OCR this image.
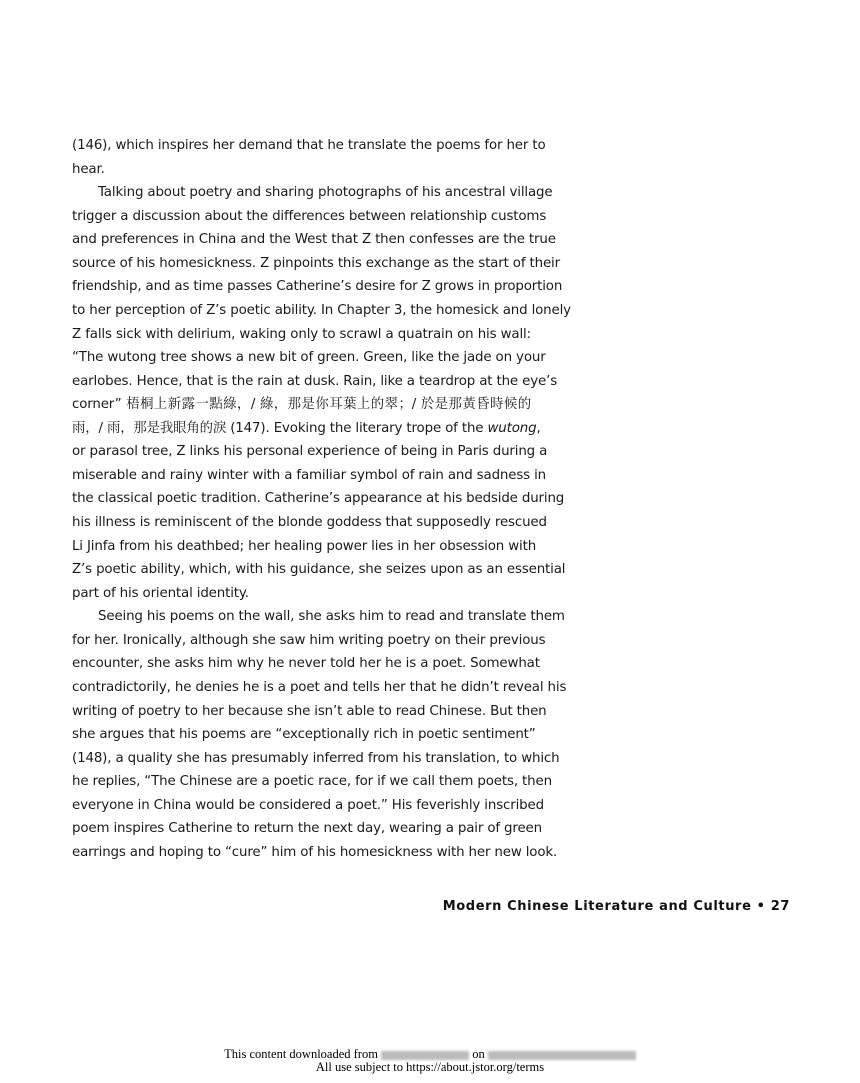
(146), which inspires her demand that he translate the poems for her to
hear.
Talking about poetry and sharing photographs of his ancestral village
trigger a discussion about the differences between relationship customs
and preferences in China and the West that Z then confesses are the true
source of his homesickness. Z pinpoints this exchange as the start of their
friendship, and as time passes Catherine’s desire for Z grows in proportion
to her perception of Z’s poetic ability. In Chapter 3, the homesick and lonely
Z falls sick with delirium, waking only to scrawl a quatrain on his wall:
“The wutong tree shows a new bit of green. Green, like the jade on your
earlobes. Hence, that is the rain at dusk. Rain, like a teardrop at the eye’s
corner” 梧桐上新露一點綠，/ 綠，那是你耳葉上的翠；/ 於是那黃昏時候的
雨，/ 雨，那是我眼角的淚 (147). Evoking the literary trope of the wutong,
or parasol tree, Z links his personal experience of being in Paris during a
miserable and rainy winter with a familiar symbol of rain and sadness in
the classical poetic tradition. Catherine’s appearance at his bedside during
his illness is reminiscent of the blonde goddess that supposedly rescued
Li Jinfa from his deathbed; her healing power lies in her obsession with
Z’s poetic ability, which, with his guidance, she seizes upon as an essential
part of his oriental identity.
Seeing his poems on the wall, she asks him to read and translate them
for her. Ironically, although she saw him writing poetry on their previous
encounter, she asks him why he never told her he is a poet. Somewhat
contradictorily, he denies he is a poet and tells her that he didn’t reveal his
writing of poetry to her because she isn’t able to read Chinese. But then
she argues that his poems are “exceptionally rich in poetic sentiment”
(148), a quality she has presumably inferred from his translation, to which
he replies, “The Chinese are a poetic race, for if we call them poets, then
everyone in China would be considered a poet.” His feverishly inscribed
poem inspires Catherine to return the next day, wearing a pair of green
earrings and hoping to “cure” him of his homesickness with her new look.
Modern Chinese Literature and Culture • 27
This content downloaded from	on
All use subject to https://about.jstor.org/terms
